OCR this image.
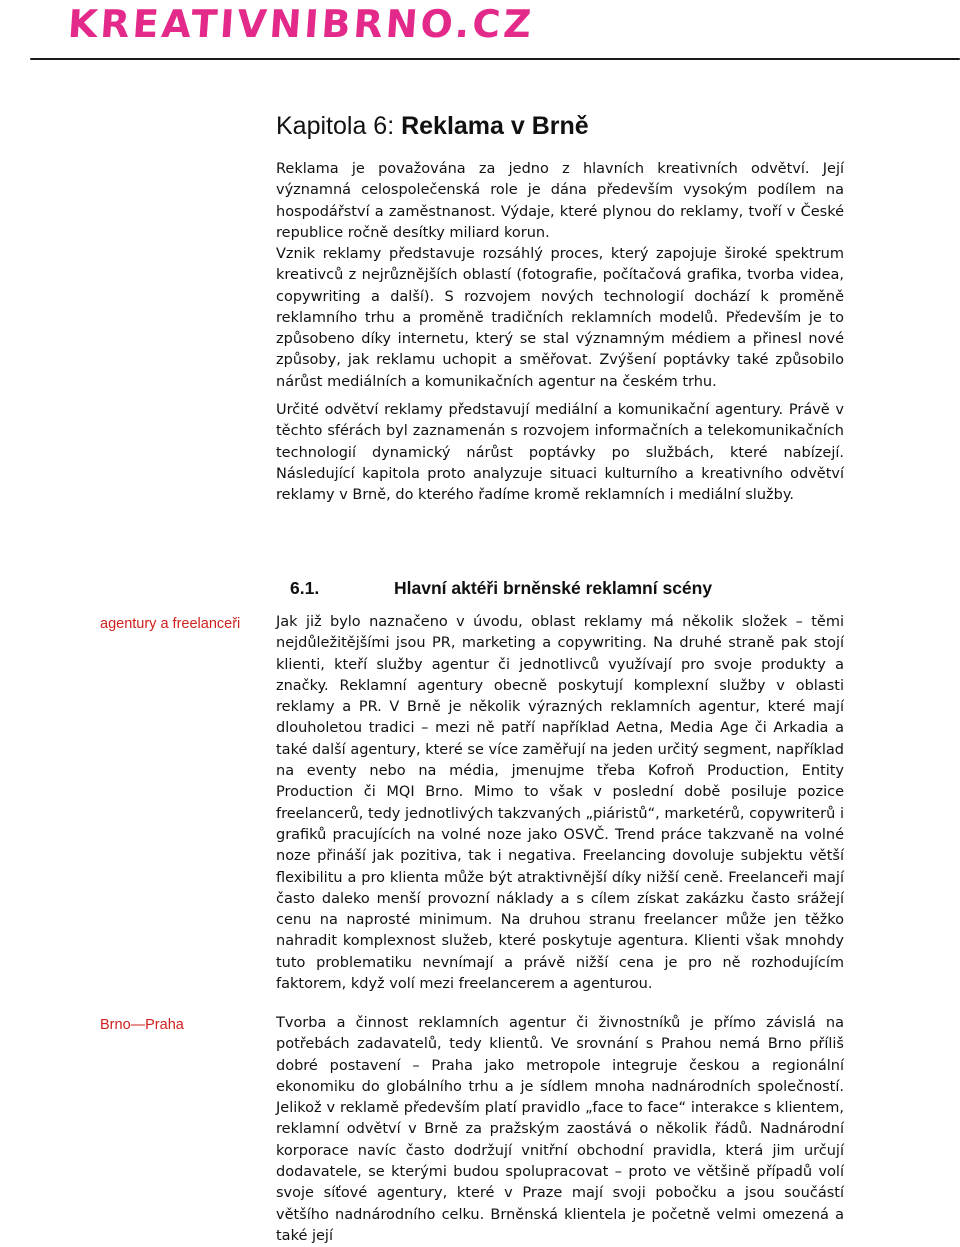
KREATIVNIBRNO.CZ
Kapitola 6: Reklama v Brně

Reklama je považována za jedno z hlavních kreativních odvětví. Její významná celospolečenská role je dána především vysokým podílem na hospodářství a zaměstnanost. Výdaje, které plynou do reklamy, tvoří v České republice ročně desítky miliard korun.

Vznik reklamy představuje rozsáhlý proces, který zapojuje široké spektrum kreativců z nejrůznějších oblastí (fotografie, počítačová grafika, tvorba videa, copywriting a další). S rozvojem nových technologií dochází k proměně reklamního trhu a proměně tradičních reklamních modelů. Především je to způsobeno díky internetu, který se stal významným médiem a přinesl nové způsoby, jak reklamu uchopit a směřovat. Zvýšení poptávky také způsobilo nárůst mediálních a komunikačních agentur na českém trhu.

Určité odvětví reklamy představují mediální a komunikační agentury. Právě v těchto sférách byl zaznamenán s rozvojem informačních a telekomunikačních technologií dynamický nárůst poptávky po službách, které nabízejí. Následující kapitola proto analyzuje situaci kulturního a kreativního odvětví reklamy v Brně, do kterého řadíme kromě reklamních i mediální služby.

6.1.	Hlavní aktéři brněnské reklamní scény
agentury a freelanceři Jak již bylo naznačeno v úvodu, oblast reklamy má několik složek – těmi nejdůležitějšími jsou PR, marketing a copywriting. Na druhé straně pak stojí klienti, kteří služby agentur či jednotlivců využívají pro svoje produkty a značky. Reklamní agentury obecně poskytují komplexní služby v oblasti reklamy a PR. V Brně je několik výrazných reklamních agentur, které mají dlouholetou tradici – mezi ně patří například Aetna, Media Age či Arkadia a také další agentury, které se více zaměřují na jeden určitý segment, například na eventy nebo na média, jmenujme třeba Kofroň Production, Entity Production či MQI Brno. Mimo to však v poslední době posiluje pozice freelancerů, tedy jednotlivých takzvaných „piáristů“, marketérů, copywriterů i grafiků pracujících na volné noze jako OSVČ. Trend práce takzvaně na volné noze přináší jak pozitiva, tak i negativa. Freelancing dovoluje subjektu větší flexibilitu a pro klienta může být atraktivnější díky nižší ceně. Freelanceři mají často daleko menší provozní náklady a s cílem získat zakázku často srážejí cenu na naprosté minimum. Na druhou stranu freelancer může jen těžko nahradit komplexnost služeb, které poskytuje agentura. Klienti však mnohdy tuto problematiku nevnímají a právě nižší cena je pro ně rozhodujícím faktorem, když volí mezi freelancerem a agenturou.

Brno—Praha	Tvorba a činnost reklamních agentur či živnostníků je přímo závislá na potřebách zadavatelů, tedy klientů. Ve srovnání s Prahou nemá Brno příliš dobré postavení – Praha jako metropole integruje českou a regionální ekonomiku do globálního trhu a je sídlem mnoha nadnárodních společností. Jelikož v reklamě především platí pravidlo „face to face“ interakce s klientem, reklamní odvětví v Brně za pražským zaostává o několik řádů. Nadnárodní korporace navíc často dodržují vnitřní obchodní pravidla, která jim určují dodavatele, se kterými budou spolupracovat – proto ve většině případů volí svoje síťové agentury, které v Praze mají svoji pobočku a jsou součástí většího nadnárodního celku. Brněnská klientela je početně velmi omezená a také její
